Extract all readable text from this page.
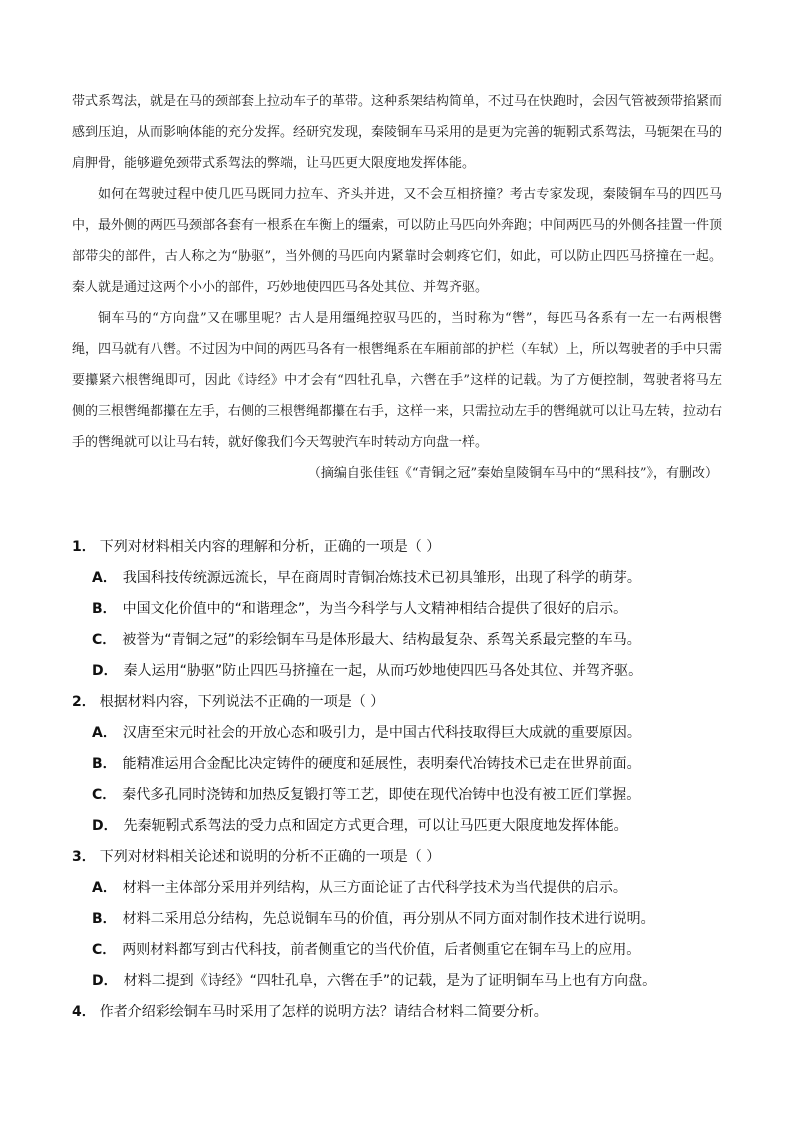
带式系驾法，就是在马的颈部套上拉动车子的革带。这种系架结构简单，不过马在快跑时，会因气管被颈带掐紧而感到压迫，从而影响体能的充分发挥。经研究发现，秦陵铜车马采用的是更为完善的轭靷式系驾法，马轭架在马的肩胛骨，能够避免颈带式系驾法的弊端，让马匹更大限度地发挥体能。

如何在驾驶过程中使几匹马既同力拉车、齐头并进，又不会互相挤撞？考古专家发现，秦陵铜车马的四匹马中，最外侧的两匹马颈部各套有一根系在车衡上的缰索，可以防止马匹向外奔跑；中间两匹马的外侧各挂置一件顶部带尖的部件，古人称之为“胁驱”，当外侧的马匹向内紧靠时会刺疼它们，如此，可以防止四匹马挤撞在一起。秦人就是通过这两个小小的部件，巧妙地使四匹马各处其位、并驾齐驱。

铜车马的“方向盘”又在哪里呢？古人是用缰绳控驭马匹的，当时称为“辔”，每匹马各系有一左一右两根辔绳，四马就有八辔。不过因为中间的两匹马各有一根辔绳系在车厢前部的护栏（车轼）上，所以驾驶者的手中只需要攥紧六根辔绳即可，因此《诗经》中才会有“四牡孔阜，六辔在手”这样的记载。为了方便控制，驾驶者将马左侧的三根辔绳都攥在左手，右侧的三根辔绳都攥在右手，这样一来，只需拉动左手的辔绳就可以让马左转，拉动右手的辔绳就可以让马右转，就好像我们今天驾驶汽车时转动方向盘一样。

（摘编自张佳钰《“青铜之冠”秦始皇陵铜车马中的“黑科技”》，有删改）

1． 下列对材料相关内容的理解和分析，正确的一项是（ ）
A． 我国科技传统源远流长，早在商周时青铜冶炼技术已初具雏形，出现了科学的萌芽。
B． 中国文化价值中的“和谐理念”，为当今科学与人文精神相结合提供了很好的启示。
C． 被誉为“青铜之冠”的彩绘铜车马是体形最大、结构最复杂、系驾关系最完整的车马。
D． 秦人运用“胁驱”防止四匹马挤撞在一起，从而巧妙地使四匹马各处其位、并驾齐驱。
2． 根据材料内容，下列说法不正确的一项是（ ）
A． 汉唐至宋元时社会的开放心态和吸引力，是中国古代科技取得巨大成就的重要原因。
B． 能精准运用合金配比决定铸件的硬度和延展性，表明秦代冶铸技术已走在世界前面。
C． 秦代多孔同时浇铸和加热反复锻打等工艺，即使在现代冶铸中也没有被工匠们掌握。
D． 先秦轭靷式系驾法的受力点和固定方式更合理，可以让马匹更大限度地发挥体能。
3． 下列对材料相关论述和说明的分析不正确的一项是（ ）
A． 材料一主体部分采用并列结构，从三方面论证了古代科学技术为当代提供的启示。
B． 材料二采用总分结构，先总说铜车马的价值，再分别从不同方面对制作技术进行说明。
C． 两则材料都写到古代科技，前者侧重它的当代价值，后者侧重它在铜车马上的应用。
D． 材料二提到《诗经》“四牡孔阜，六辔在手”的记载，是为了证明铜车马上也有方向盘。
4． 作者介绍彩绘铜车马时采用了怎样的说明方法？请结合材料二简要分析。
